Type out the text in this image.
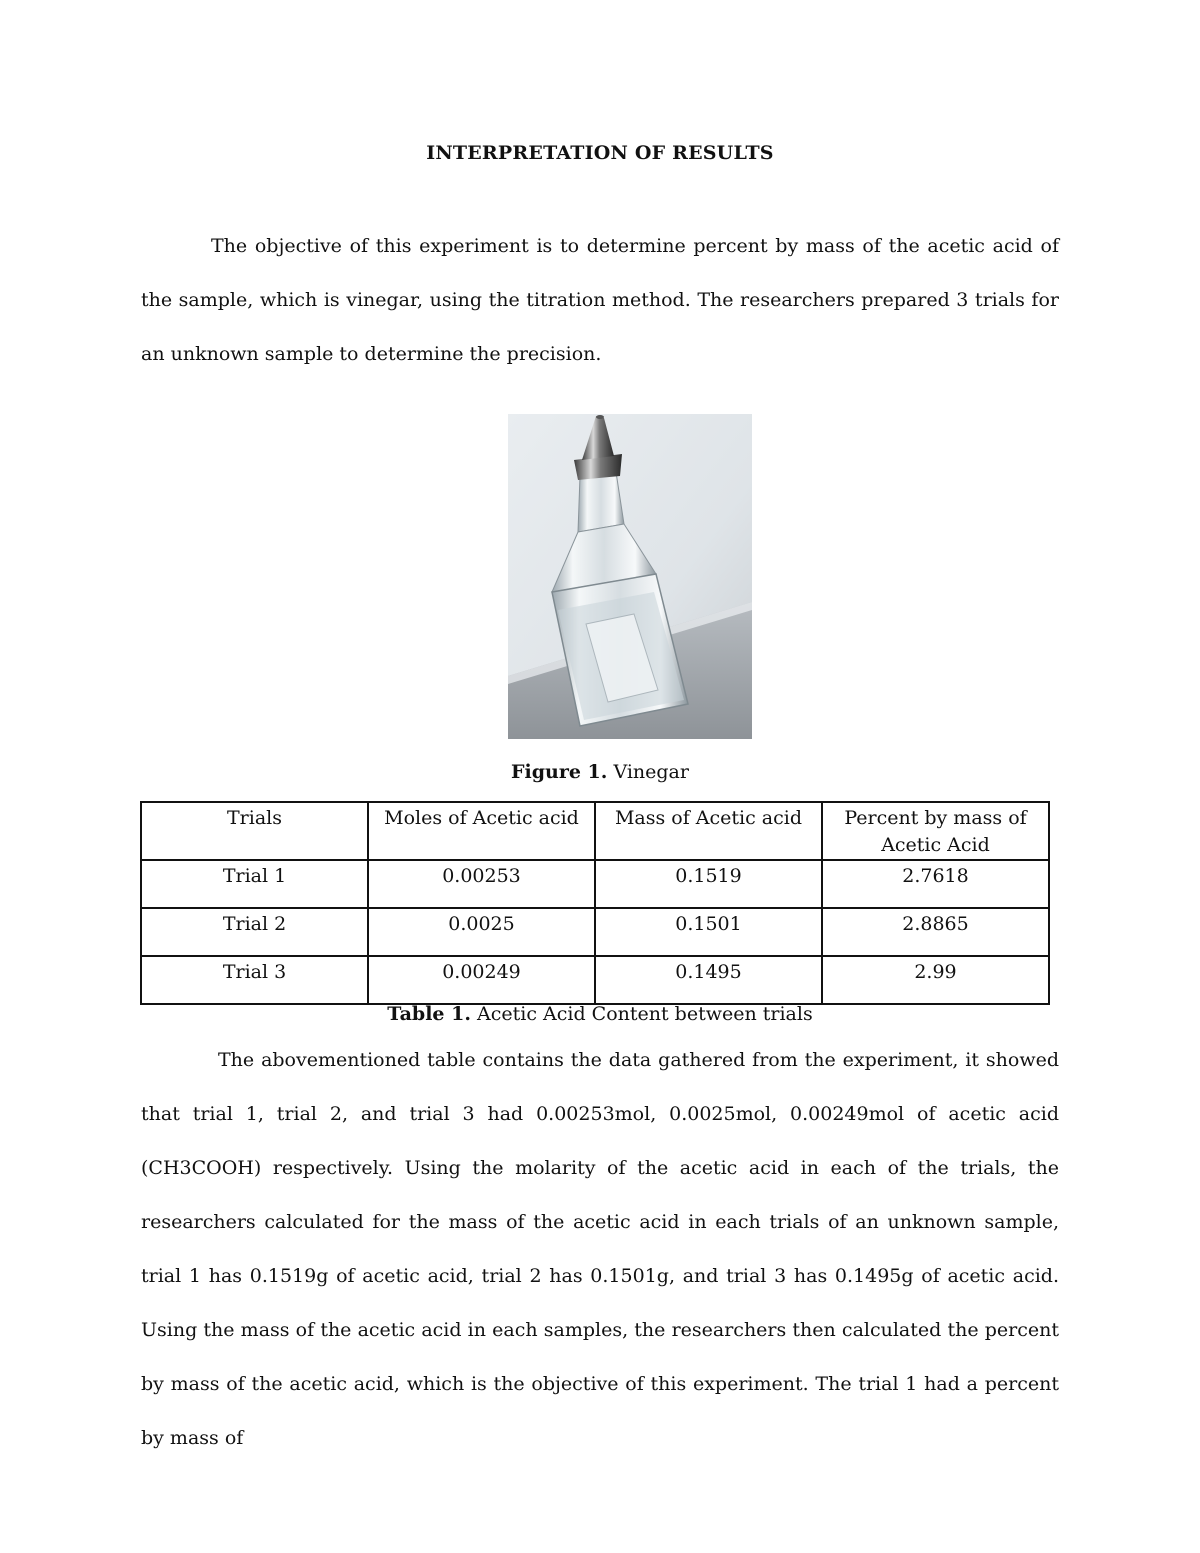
INTERPRETATION OF RESULTS

The objective of this experiment is to determine percent by mass of the acetic acid of the sample, which is vinegar, using the titration method. The researchers prepared 3 trials for an unknown sample to determine the precision.

Figure 1. Vinegar
Trials	Moles of Acetic acid	Mass of Acetic acid	Percent by mass of Acetic Acid
Trial 1	0.00253	0.1519	2.7618
Trial 2	0.0025	0.1501	2.8865
Trial 3	0.00249	0.1495	2.99
Table 1. Acetic Acid Content between trials

The abovementioned table contains the data gathered from the experiment, it showed that trial 1, trial 2, and trial 3 had 0.00253mol, 0.0025mol, 0.00249mol of acetic acid (CH3COOH) respectively. Using the molarity of the acetic acid in each of the trials, the researchers calculated for the mass of the acetic acid in each trials of an unknown sample, trial 1 has 0.1519g of acetic acid, trial 2 has 0.1501g, and trial 3 has 0.1495g of acetic acid. Using the mass of the acetic acid in each samples, the researchers then calculated the percent by mass of the acetic acid, which is the objective of this experiment. The trial 1 had a percent by mass of
